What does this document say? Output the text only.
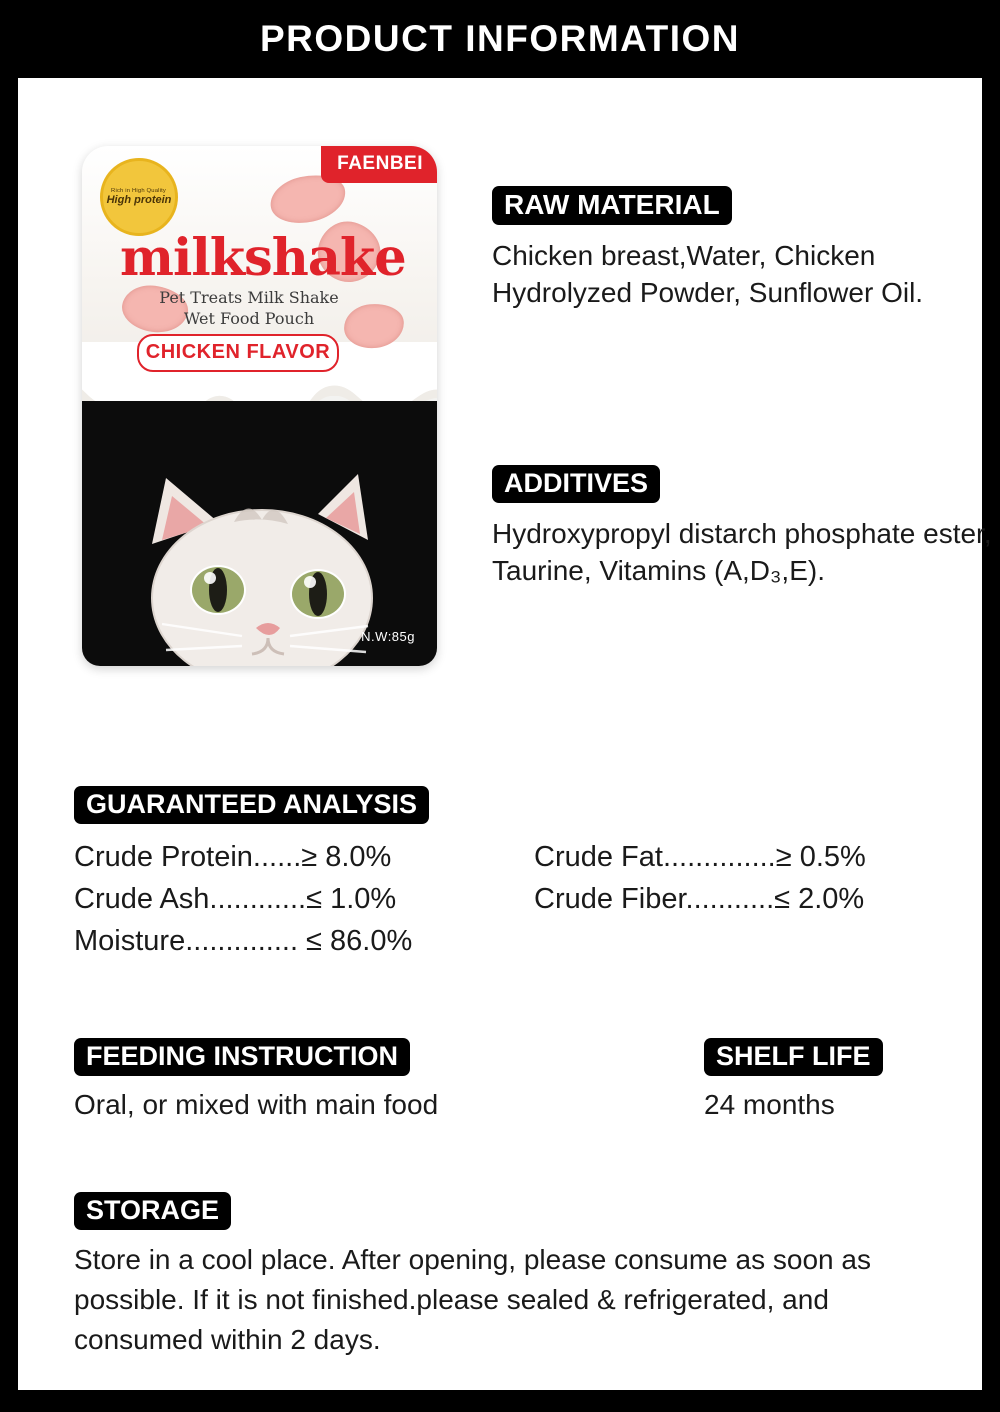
PRODUCT INFORMATION
FAENBEI
Rich in High Quality
High protein
milkshake
Pet Treats Milk Shake
Wet Food Pouch
CHICKEN FLAVOR
N.W:85g
RAW MATERIAL
Chicken breast,Water, Chicken Hydrolyzed Powder, Sunflower Oil.
ADDITIVES
Hydroxypropyl distarch phosphate ester, Taurine, Vitamins (A,D₃,E).
GUARANTEED ANALYSIS
Crude Protein......≥ 8.0%	Crude Fat..............≥ 0.5%
Crude Ash............≤ 1.0%	Crude Fiber...........≤ 2.0%
Moisture.............. ≤ 86.0%
FEEDING INSTRUCTION
Oral, or mixed with main food
SHELF LIFE
24 months
STORAGE
Store in a cool place. After opening, please consume as soon as possible. If it is not finished.please sealed & refrigerated, and consumed within 2 days.
